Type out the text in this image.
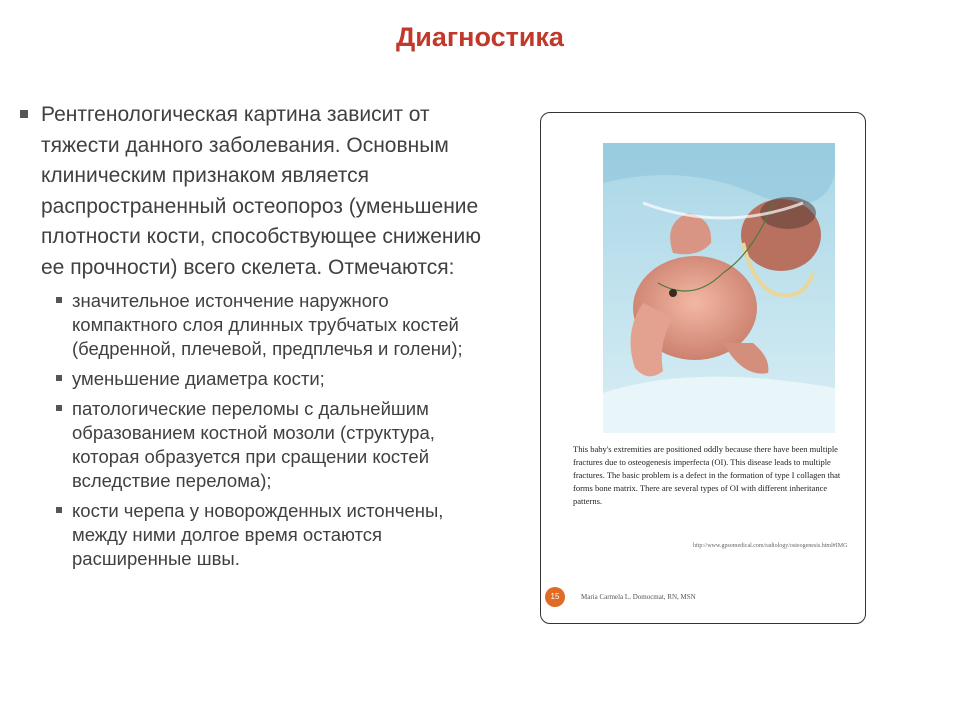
Диагностика

Рентгенологическая картина зависит от тяжести данного заболевания. Основным клиническим признаком является распространенный остеопороз (уменьшение плотности кости, способствующее снижению ее прочности) всего скелета. Отмечаются:

значительное истончение наружного компактного слоя длинных трубчатых костей (бедренной, плечевой, предплечья и голени);
уменьшение диаметра кости;
патологические переломы с дальнейшим образованием костной мозоли (структура, которая образуется при сращении костей вследствие перелома);
кости черепа у новорожденных истончены, между ними долгое время остаются расширенные швы.
This baby's extremities are positioned oddly because there have been multiple fractures due to osteogenesis imperfecta (OI). This disease leads to multiple fractures. The basic problem is a defect in the formation of type I collagen that forms bone matrix. There are several types of OI with different inheritance patterns.
http://www.gpsomedical.com/radiology/osteogenesis.html#IMG
15	Maria Carmela L. Domocmat, RN, MSN
